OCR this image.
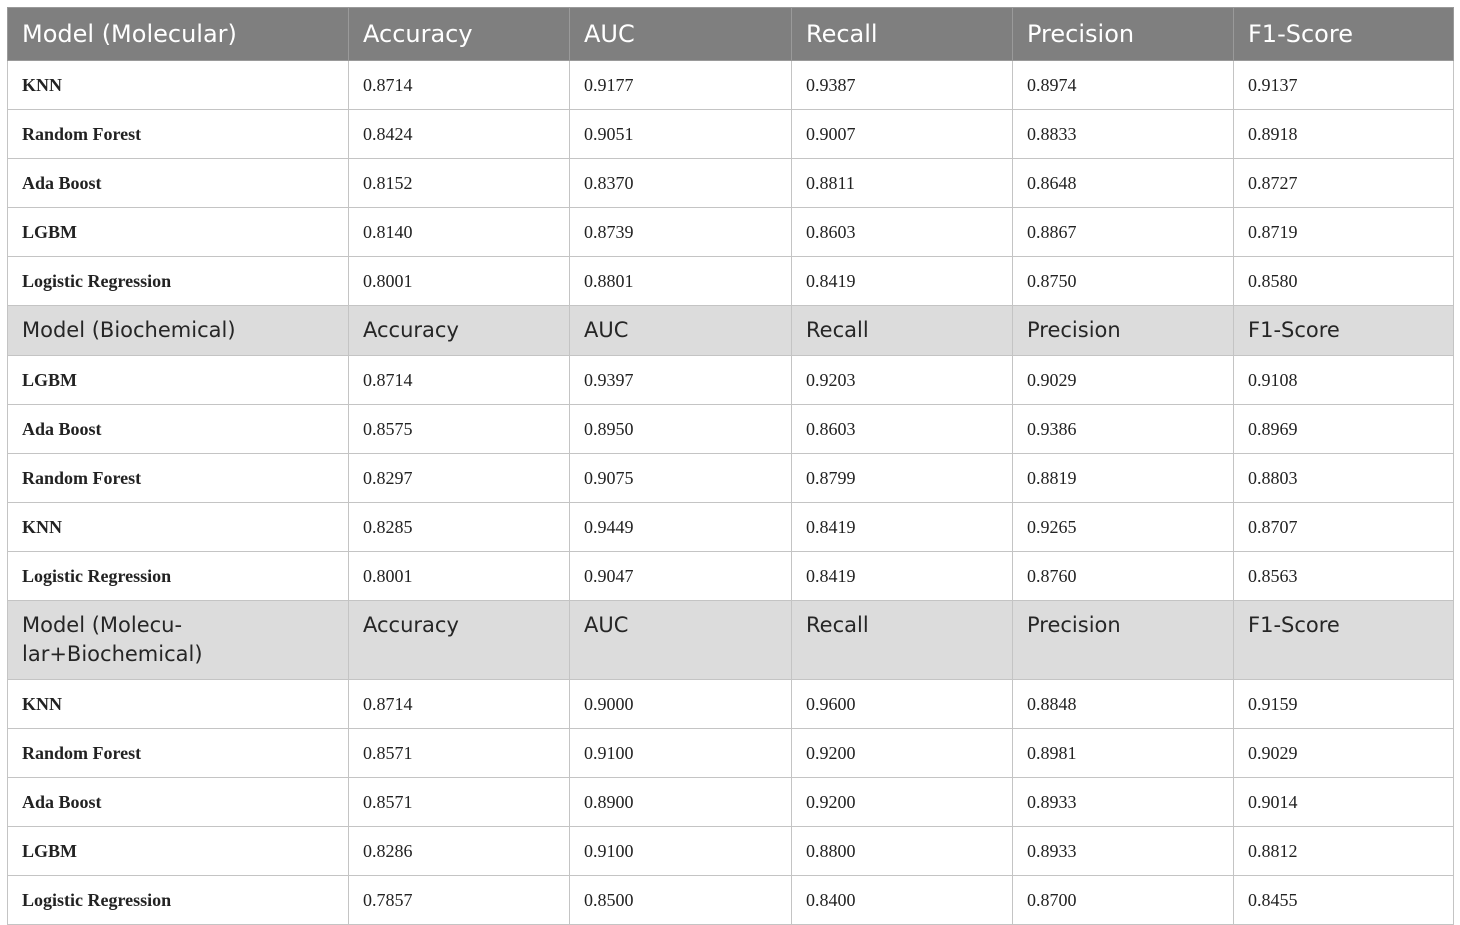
Model (Molecular)	Accuracy	AUC	Recall	Precision	F1-Score
KNN	0.8714	0.9177	0.9387	0.8974	0.9137
Random Forest	0.8424	0.9051	0.9007	0.8833	0.8918
Ada Boost	0.8152	0.8370	0.8811	0.8648	0.8727
LGBM	0.8140	0.8739	0.8603	0.8867	0.8719
Logistic Regression	0.8001	0.8801	0.8419	0.8750	0.8580
Model (Biochemical)	Accuracy	AUC	Recall	Precision	F1-Score
LGBM	0.8714	0.9397	0.9203	0.9029	0.9108
Ada Boost	0.8575	0.8950	0.8603	0.9386	0.8969
Random Forest	0.8297	0.9075	0.8799	0.8819	0.8803
KNN	0.8285	0.9449	0.8419	0.9265	0.8707
Logistic Regression	0.8001	0.9047	0.8419	0.8760	0.8563
Model (Molecu-
lar+Biochemical)	Accuracy	AUC	Recall	Precision	F1-Score
KNN	0.8714	0.9000	0.9600	0.8848	0.9159
Random Forest	0.8571	0.9100	0.9200	0.8981	0.9029
Ada Boost	0.8571	0.8900	0.9200	0.8933	0.9014
LGBM	0.8286	0.9100	0.8800	0.8933	0.8812
Logistic Regression	0.7857	0.8500	0.8400	0.8700	0.8455
